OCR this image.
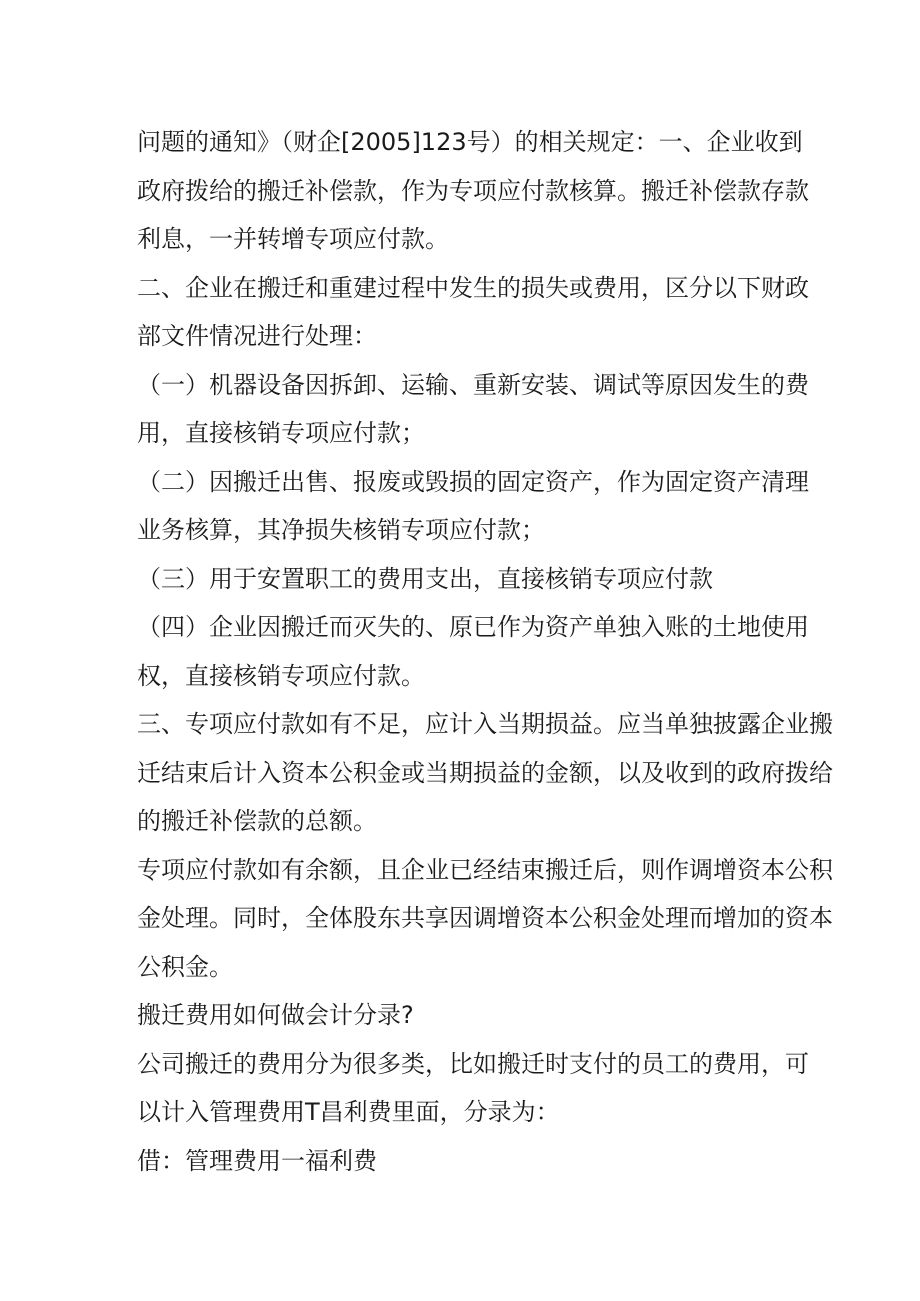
问题的通知》（财企[2005]123号）的相关规定：一、企业收到
政府拨给的搬迁补偿款，作为专项应付款核算。搬迁补偿款存款
利息，一并转增专项应付款。
二、企业在搬迁和重建过程中发生的损失或费用，区分以下财政
部文件情况进行处理：
（一）机器设备因拆卸、运输、重新安装、调试等原因发生的费
用，直接核销专项应付款；
（二）因搬迁出售、报废或毁损的固定资产，作为固定资产清理
业务核算，其净损失核销专项应付款；
（三）用于安置职工的费用支出，直接核销专项应付款
（四）企业因搬迁而灭失的、原已作为资产单独入账的土地使用
权，直接核销专项应付款。
三、专项应付款如有不足，应计入当期损益。应当单独披露企业搬
迁结束后计入资本公积金或当期损益的金额，以及收到的政府拨给
的搬迁补偿款的总额。
专项应付款如有余额，且企业已经结束搬迁后，则作调增资本公积
金处理。同时，全体股东共享因调增资本公积金处理而增加的资本
公积金。
搬迁费用如何做会计分录?
公司搬迁的费用分为很多类，比如搬迁时支付的员工的费用，可
以计入管理费用T昌利费里面，分录为：
借：管理费用一福利费
